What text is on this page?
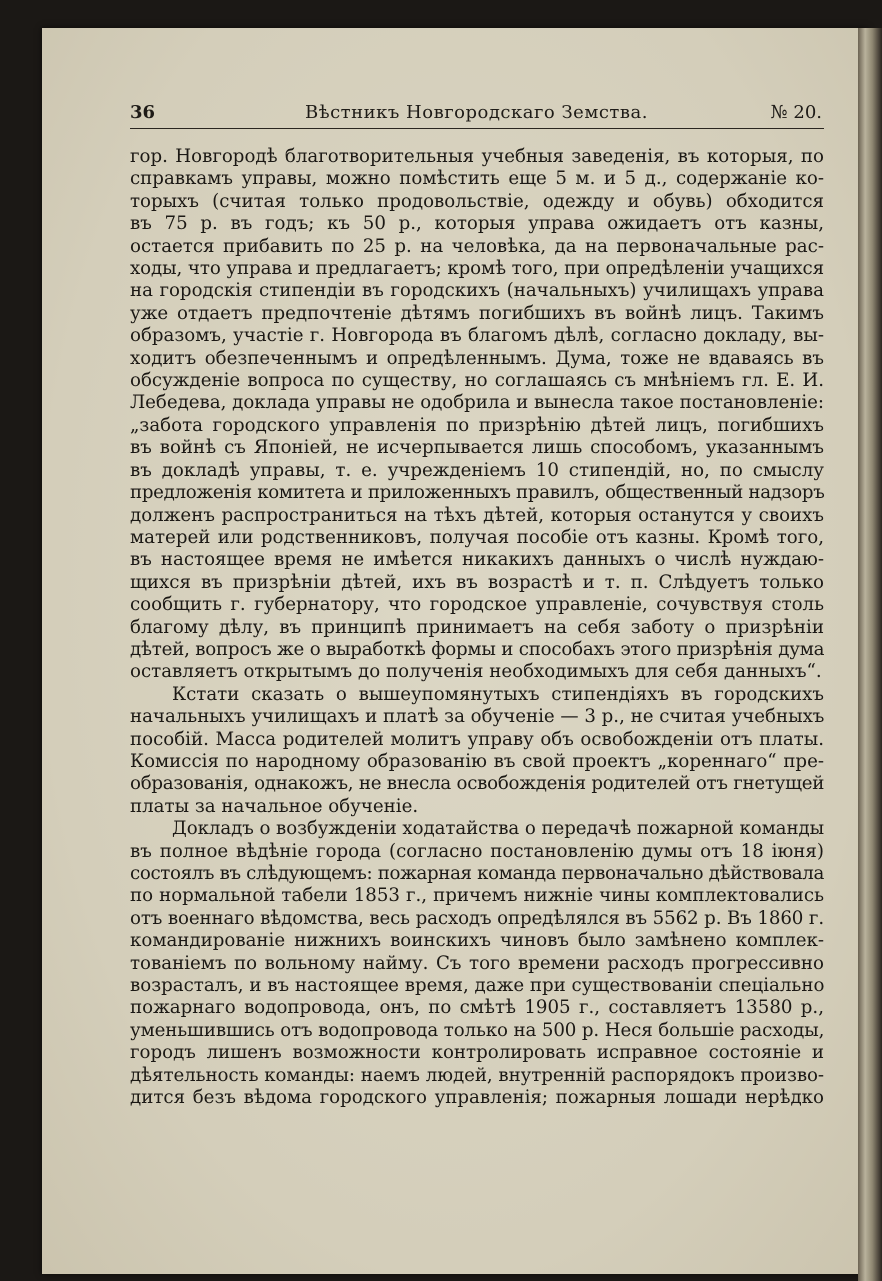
36	Вѣстникъ Новгородскаго Земства.	№ 20.
гор. Новгородѣ благотворительныя учебныя заведенія, въ которыя, по
справкамъ управы, можно помѣстить еще 5 м. и 5 д., содержаніе ко-
торыхъ (считая только продовольствіе, одежду и обувь) обходится
въ 75 р. въ годъ; къ 50 р., которыя управа ожидаетъ отъ казны,
остается прибавить по 25 р. на человѣка, да на первоначальные рас-
ходы, что управа и предлагаетъ; кромѣ того, при опредѣленіи учащихся
на городскія стипендіи въ городскихъ (начальныхъ) училищахъ управа
уже отдаетъ предпочтеніе дѣтямъ погибшихъ въ войнѣ лицъ. Такимъ
образомъ, участіе г. Новгорода въ благомъ дѣлѣ, согласно докладу, вы-
ходитъ обезпеченнымъ и опредѣленнымъ. Дума, тоже не вдаваясь въ
обсужденіе вопроса по существу, но соглашаясь съ мнѣніемъ гл. Е. И.
Лебедева, доклада управы не одобрила и вынесла такое постановленіе:
„забота городского управленія по призрѣнію дѣтей лицъ, погибшихъ
въ войнѣ съ Японіей, не исчерпывается лишь способомъ, указаннымъ
въ докладѣ управы, т. е. учрежденіемъ 10 стипендій, но, по смыслу
предложенія комитета и приложенныхъ правилъ, общественный надзоръ
долженъ распространиться на тѣхъ дѣтей, которыя останутся у своихъ
матерей или родственниковъ, получая пособіе отъ казны. Кромѣ того,
въ настоящее время не имѣется никакихъ данныхъ о числѣ нуждаю-
щихся въ призрѣніи дѣтей, ихъ въ возрастѣ и т. п. Слѣдуетъ только
сообщить г. губернатору, что городское управленіе, сочувствуя столь
благому дѣлу, въ принципѣ принимаетъ на себя заботу о призрѣніи
дѣтей, вопросъ же о выработкѣ формы и способахъ этого призрѣнія дума
оставляетъ открытымъ до полученія необходимыхъ для себя данныхъ“.
Кстати сказать о вышеупомянутыхъ стипендіяхъ въ городскихъ
начальныхъ училищахъ и платѣ за обученіе — 3 р., не считая учебныхъ
пособій. Масса родителей молитъ управу объ освобожденіи отъ платы.
Комиссія по народному образованію въ свой проектъ „кореннаго“ пре-
образованія, однакожъ, не внесла освобожденія родителей отъ гнетущей
платы за начальное обученіе.
Докладъ о возбужденіи ходатайства о передачѣ пожарной команды
въ полное вѣдѣніе города (согласно постановленію думы отъ 18 іюня)
состоялъ въ слѣдующемъ: пожарная команда первоначально дѣйствовала
по нормальной табели 1853 г., причемъ нижніе чины комплектовались
отъ военнаго вѣдомства, весь расходъ опредѣлялся въ 5562 р. Въ 1860 г.
командированіе нижнихъ воинскихъ чиновъ было замѣнено комплек-
тованіемъ по вольному найму. Съ того времени расходъ прогрессивно
возрасталъ, и въ настоящее время, даже при существованіи спеціально
пожарнаго водопровода, онъ, по смѣтѣ 1905 г., составляетъ 13580 р.,
уменьшившись отъ водопровода только на 500 р. Неся большіе расходы,
городъ лишенъ возможности контролировать исправное состояніе и
дѣятельность команды: наемъ людей, внутренній распорядокъ произво-
дится безъ вѣдома городского управленія; пожарныя лошади нерѣдко
